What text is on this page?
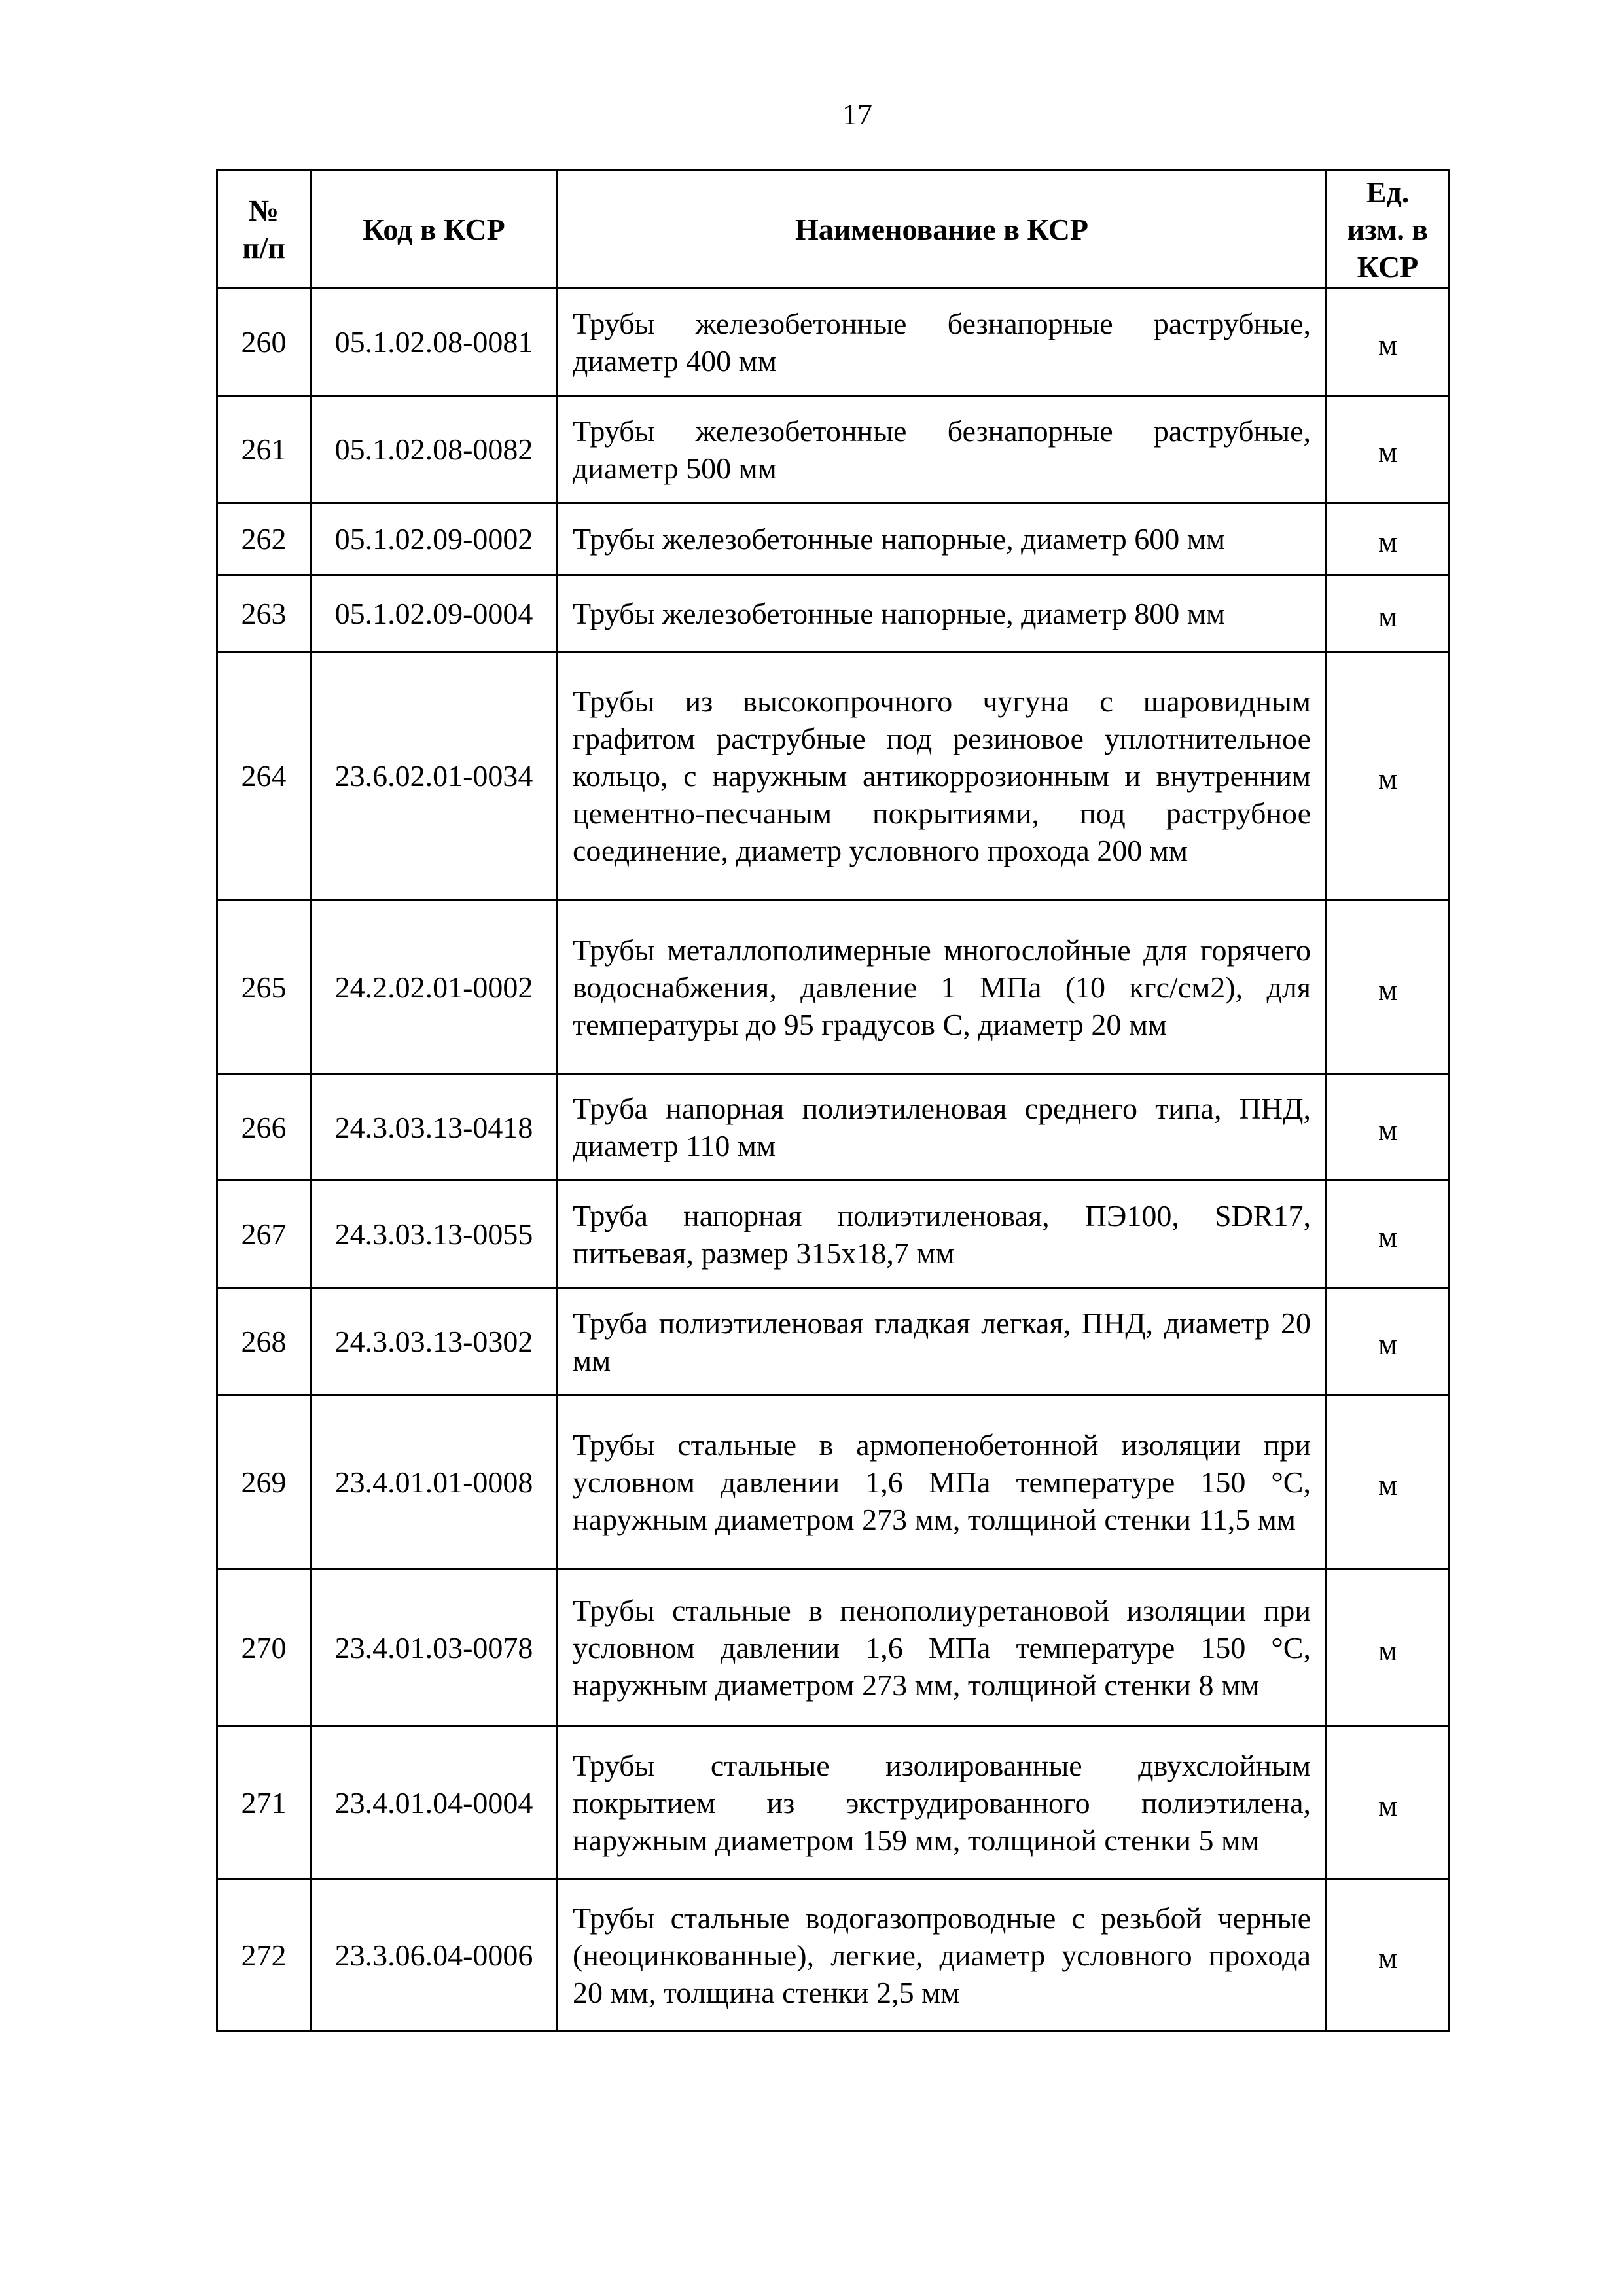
17
№ п/п	Код в КСР	Наименование в КСР	Ед. изм. в КСР

260	05.1.02.08-0081	Трубы железобетонные безнапорные раструбные, диаметр 400 мм	м
261	05.1.02.08-0082	Трубы железобетонные безнапорные раструбные, диаметр 500 мм	м
262	05.1.02.09-0002	Трубы железобетонные напорные, диаметр 600 мм	м
263	05.1.02.09-0004	Трубы железобетонные напорные, диаметр 800 мм	м
264	23.6.02.01-0034	Трубы из высокопрочного чугуна с шаровидным графитом раструбные под резиновое уплотнительное кольцо, с наружным антикоррозионным и внутренним цементно-песчаным покрытиями, под раструбное соединение, диаметр условного прохода 200 мм	м
265	24.2.02.01-0002	Трубы металлополимерные многослойные для горячего водоснабжения, давление 1 МПа (10 кгс/см2), для температуры до 95 градусов С, диаметр 20 мм	м
266	24.3.03.13-0418	Труба напорная полиэтиленовая среднего типа, ПНД, диаметр 110 мм	м
267	24.3.03.13-0055	Труба напорная полиэтиленовая, ПЭ100, SDR17, питьевая, размер 315х18,7 мм	м
268	24.3.03.13-0302	Труба полиэтиленовая гладкая легкая, ПНД, диаметр 20 мм	м
269	23.4.01.01-0008	Трубы стальные в армопенобетонной изоляции при условном давлении 1,6 МПа температуре 150 °С, наружным диаметром 273 мм, толщиной стенки 11,5 мм	м
270	23.4.01.03-0078	Трубы стальные в пенополиуретановой изоляции при условном давлении 1,6 МПа температуре 150 °С, наружным диаметром 273 мм, толщиной стенки 8 мм	м
271	23.4.01.04-0004	Трубы стальные изолированные двухслойным покрытием из экструдированного полиэтилена, наружным диаметром 159 мм, толщиной стенки 5 мм	м
272	23.3.06.04-0006	Трубы стальные водогазопроводные с резьбой черные (неоцинкованные), легкие, диаметр условного прохода 20 мм, толщина стенки 2,5 мм	м
